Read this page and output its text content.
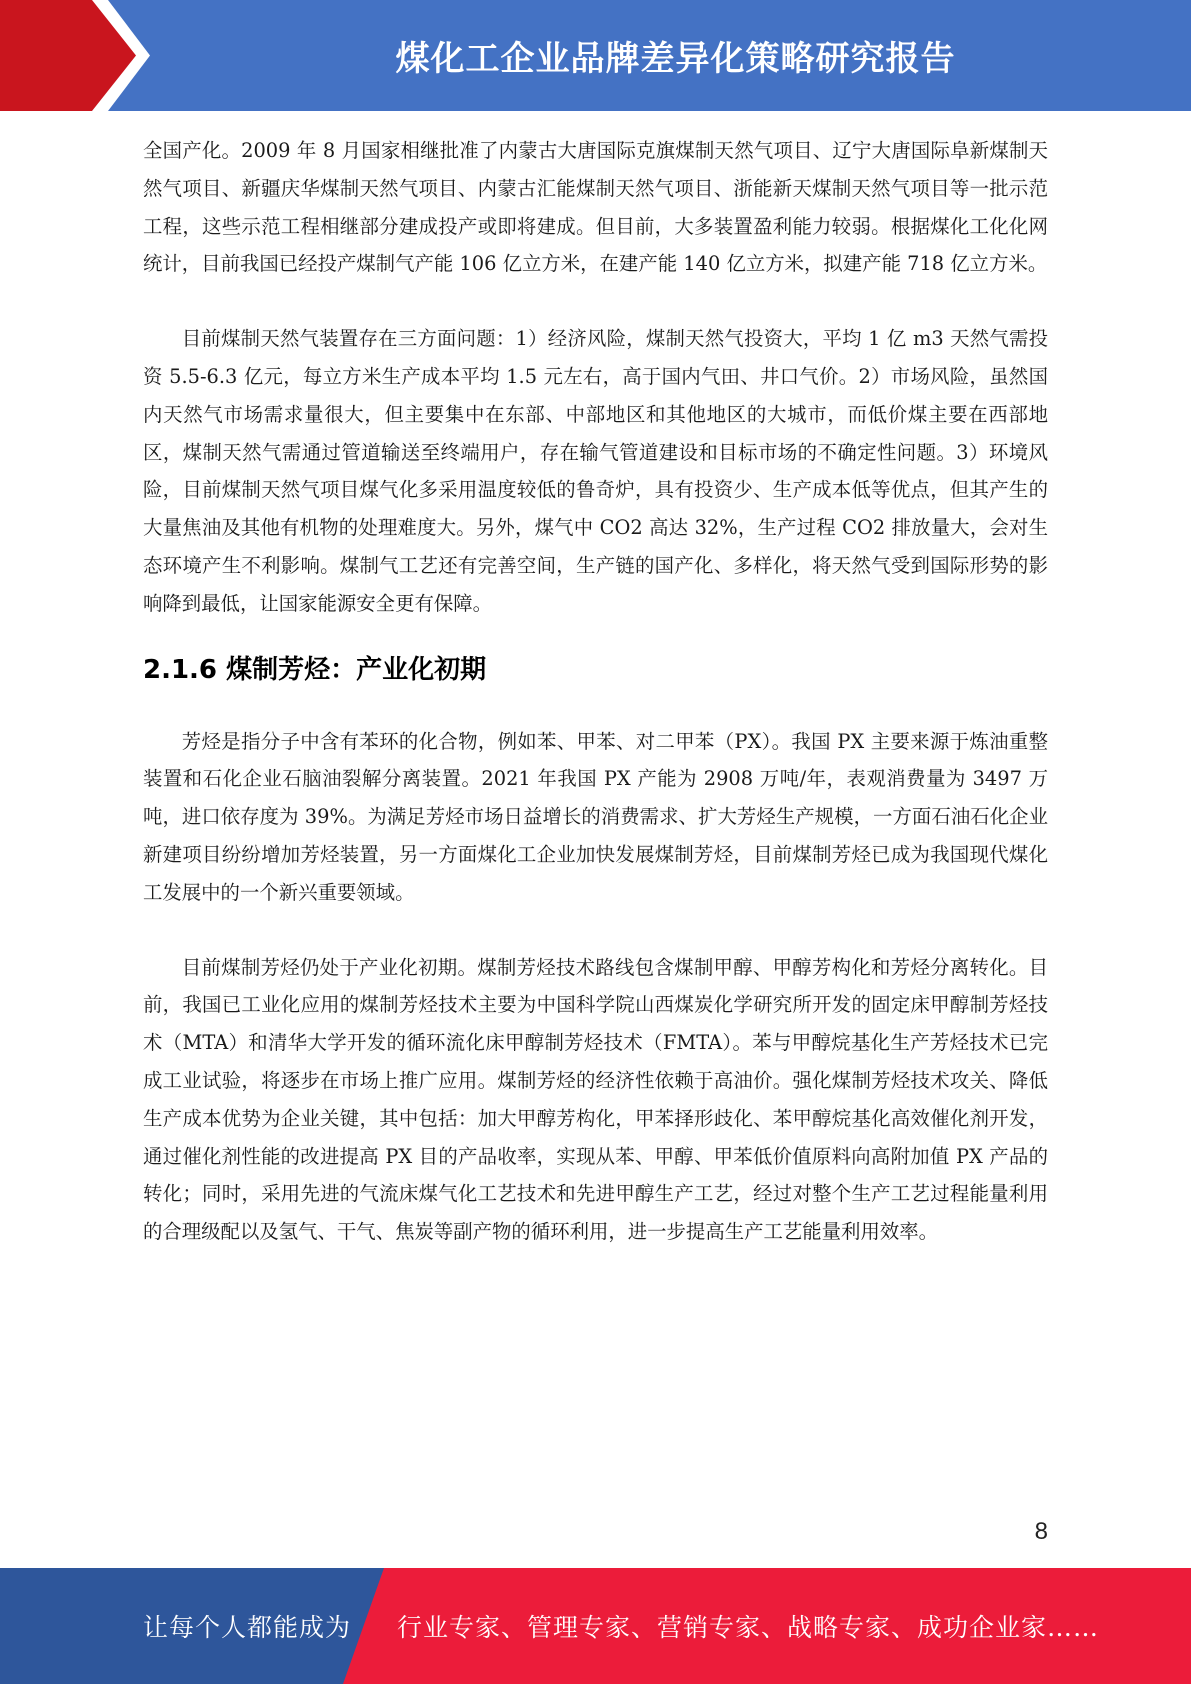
煤化工企业品牌差异化策略研究报告

全国产化。2009 年 8 月国家相继批准了内蒙古大唐国际克旗煤制天然气项目、辽宁大唐国际阜新煤制天然气项目、新疆庆华煤制天然气项目、内蒙古汇能煤制天然气项目、浙能新天煤制天然气项目等一批示范工程，这些示范工程相继部分建成投产或即将建成。但目前，大多装置盈利能力较弱。根据煤化工化化网统计，目前我国已经投产煤制气产能 106 亿立方米，在建产能 140 亿立方米，拟建产能 718 亿立方米。

目前煤制天然气装置存在三方面问题：1）经济风险，煤制天然气投资大，平均 1 亿 m3 天然气需投资 5.5-6.3 亿元，每立方米生产成本平均 1.5 元左右，高于国内气田、井口气价。2）市场风险，虽然国内天然气市场需求量很大，但主要集中在东部、中部地区和其他地区的大城市，而低价煤主要在西部地区，煤制天然气需通过管道输送至终端用户，存在输气管道建设和目标市场的不确定性问题。3）环境风险，目前煤制天然气项目煤气化多采用温度较低的鲁奇炉，具有投资少、生产成本低等优点，但其产生的大量焦油及其他有机物的处理难度大。另外，煤气中 CO2 高达 32%，生产过程 CO2 排放量大，会对生态环境产生不利影响。煤制气工艺还有完善空间，生产链的国产化、多样化，将天然气受到国际形势的影响降到最低，让国家能源安全更有保障。

2.1.6 煤制芳烃：产业化初期

芳烃是指分子中含有苯环的化合物，例如苯、甲苯、对二甲苯（PX）。我国 PX 主要来源于炼油重整装置和石化企业石脑油裂解分离装置。2021 年我国 PX 产能为 2908 万吨/年，表观消费量为 3497 万吨，进口依存度为 39%。为满足芳烃市场日益增长的消费需求、扩大芳烃生产规模，一方面石油石化企业新建项目纷纷增加芳烃装置，另一方面煤化工企业加快发展煤制芳烃，目前煤制芳烃已成为我国现代煤化工发展中的一个新兴重要领域。

目前煤制芳烃仍处于产业化初期。煤制芳烃技术路线包含煤制甲醇、甲醇芳构化和芳烃分离转化。目前，我国已工业化应用的煤制芳烃技术主要为中国科学院山西煤炭化学研究所开发的固定床甲醇制芳烃技术（MTA）和清华大学开发的循环流化床甲醇制芳烃技术（FMTA）。苯与甲醇烷基化生产芳烃技术已完成工业试验，将逐步在市场上推广应用。煤制芳烃的经济性依赖于高油价。强化煤制芳烃技术攻关、降低生产成本优势为企业关键，其中包括：加大甲醇芳构化，甲苯择形歧化、苯甲醇烷基化高效催化剂开发，通过催化剂性能的改进提高 PX 目的产品收率，实现从苯、甲醇、甲苯低价值原料向高附加值 PX 产品的转化；同时，采用先进的气流床煤气化工艺技术和先进甲醇生产工艺，经过对整个生产工艺过程能量利用的合理级配以及氢气、干气、焦炭等副产物的循环利用，进一步提高生产工艺能量利用效率。

8
让每个人都能成为 行业专家、管理专家、营销专家、战略专家、成功企业家……
